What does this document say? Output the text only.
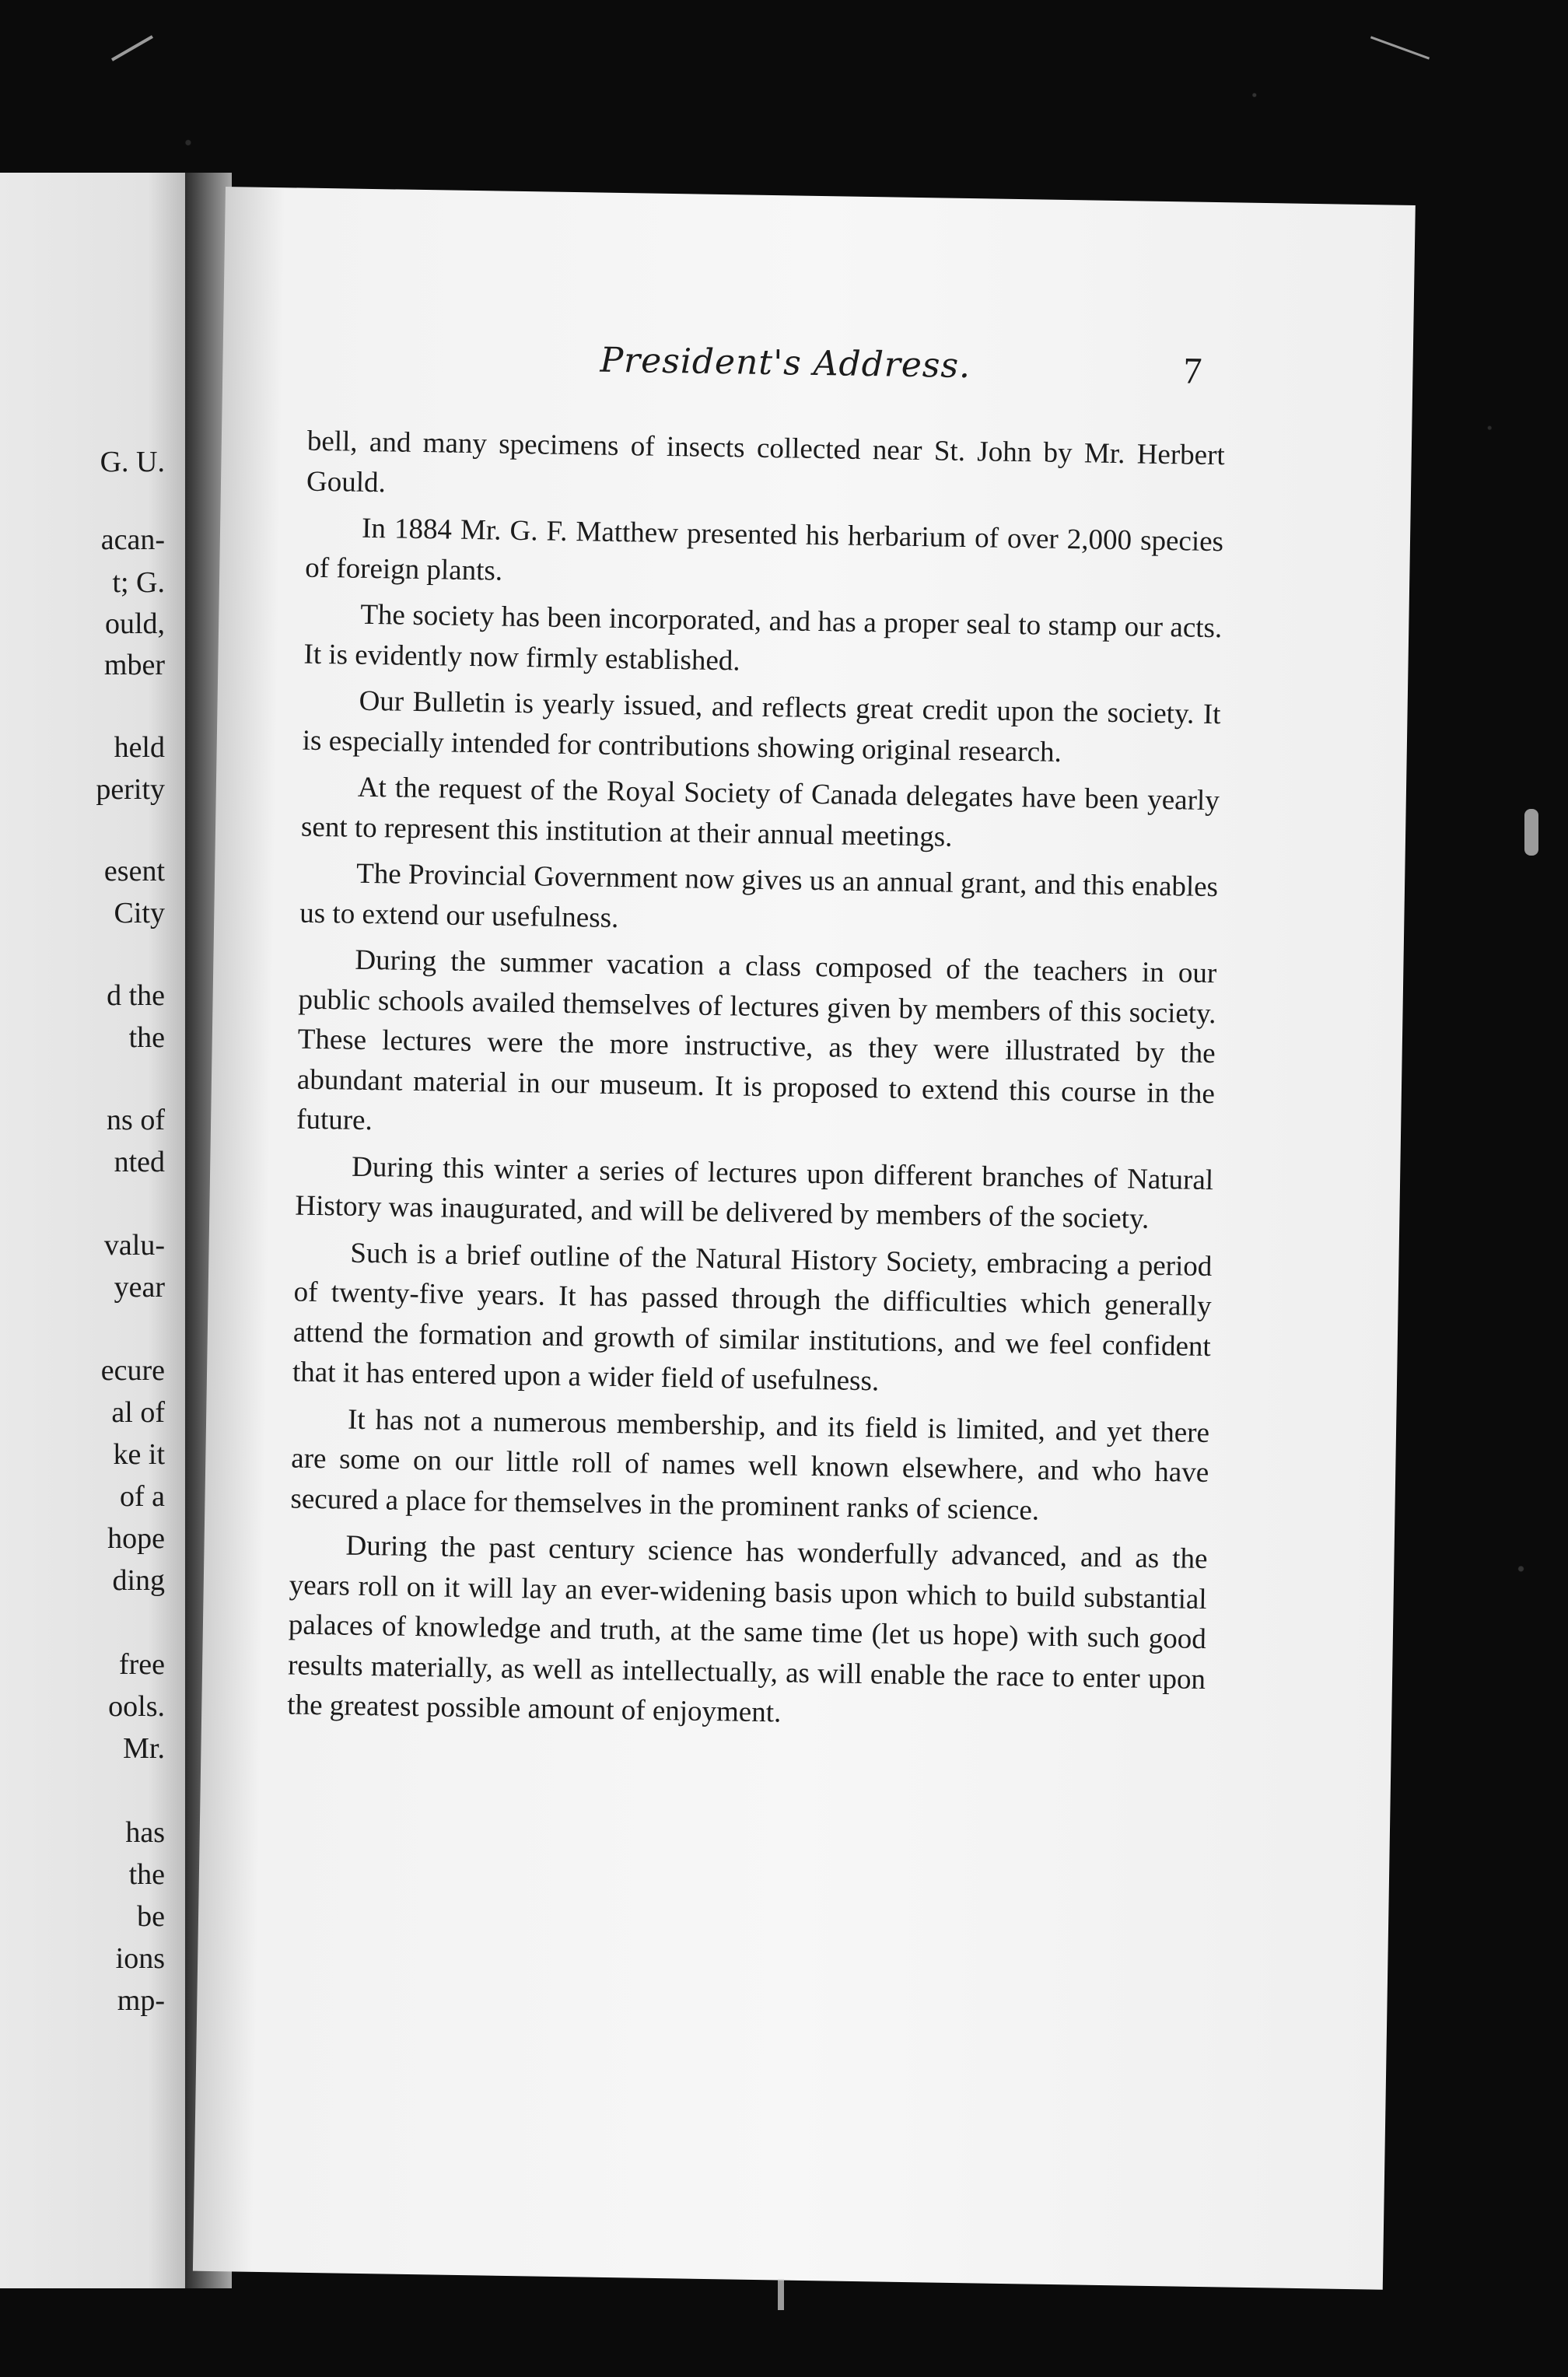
G. U.
acan-
t; G.
ould,
mber
held
perity
esent
City
d the
the
ns of
nted
valu-
year
ecure
al of
ke it
of a
hope
ding
free
ools.
Mr.
has
the
be
ions
mp-
President's Address.	7

bell, and many specimens of insects collected near St. John by Mr. Herbert Gould.

In 1884 Mr. G. F. Matthew presented his herbarium of over 2,000 species of foreign plants.

The society has been incorporated, and has a proper seal to stamp our acts. It is evidently now firmly established.

Our Bulletin is yearly issued, and reflects great credit upon the society. It is especially intended for contributions showing original research.

At the request of the Royal Society of Canada delegates have been yearly sent to represent this institution at their annual meetings.

The Provincial Government now gives us an annual grant, and this enables us to extend our usefulness.

During the summer vacation a class composed of the teachers in our public schools availed themselves of lectures given by members of this society. These lectures were the more instructive, as they were illustrated by the abundant material in our museum. It is proposed to extend this course in the future.

During this winter a series of lectures upon different branches of Natural History was inaugurated, and will be delivered by members of the society.

Such is a brief outline of the Natural History Society, embracing a period of twenty-five years. It has passed through the difficulties which generally attend the formation and growth of similar institutions, and we feel confident that it has entered upon a wider field of usefulness.

It has not a numerous membership, and its field is limited, and yet there are some on our little roll of names well known elsewhere, and who have secured a place for themselves in the prominent ranks of science.

During the past century science has wonderfully advanced, and as the years roll on it will lay an ever-widening basis upon which to build substantial palaces of knowledge and truth, at the same time (let us hope) with such good results materially, as well as intellectually, as will enable the race to enter upon the greatest possible amount of enjoyment.
